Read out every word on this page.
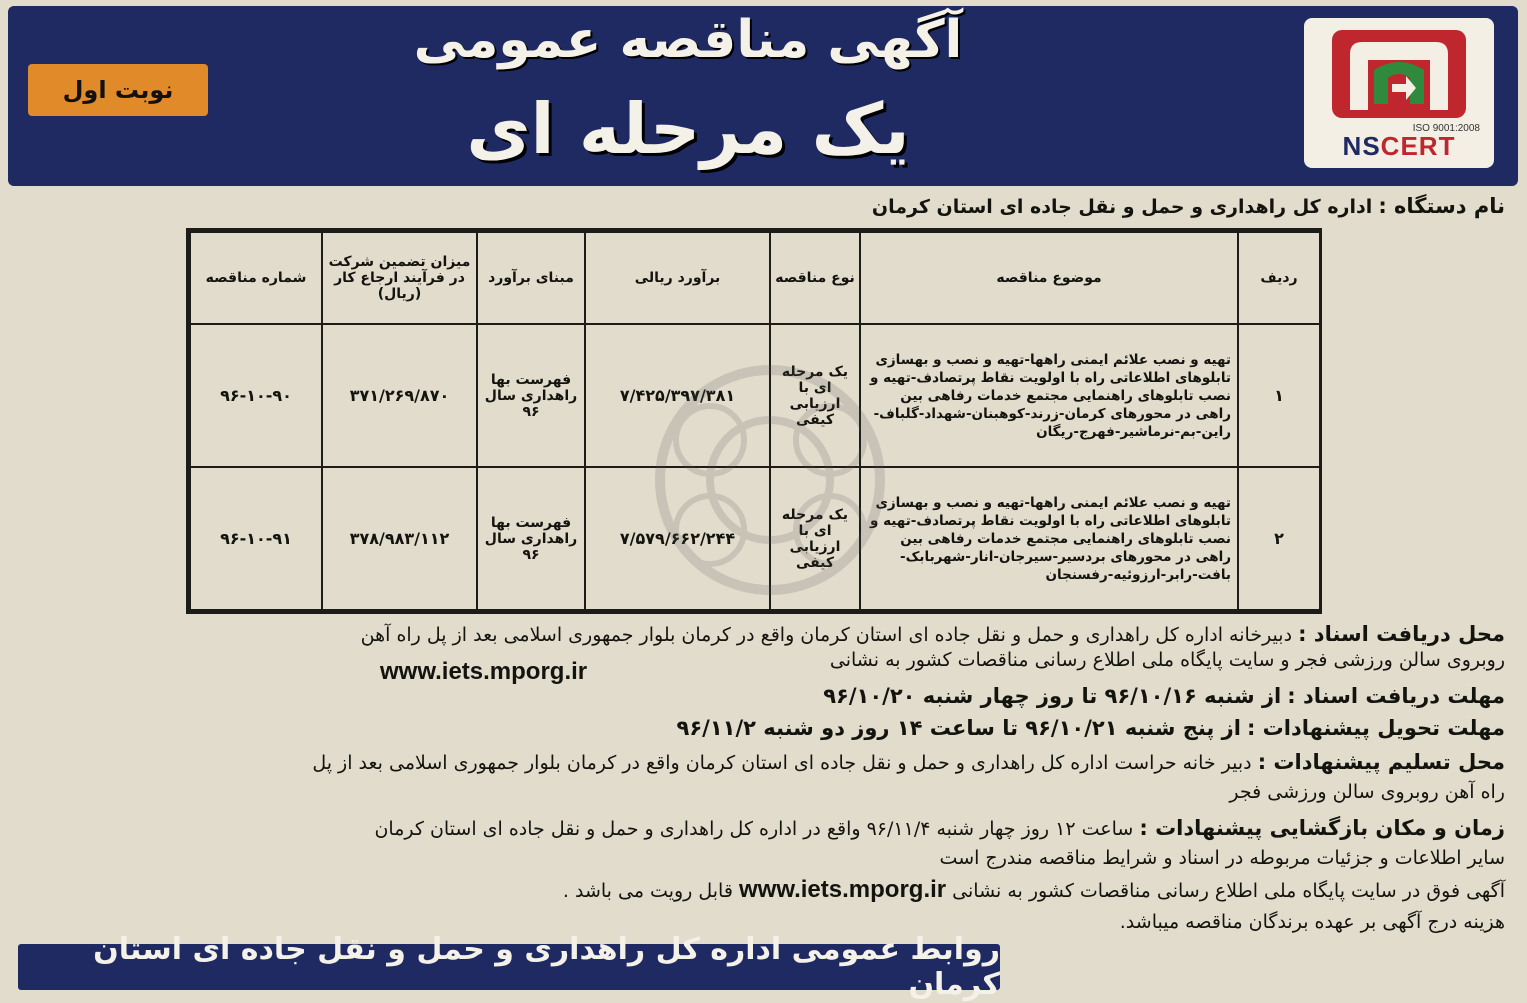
آگهی مناقصه عمومی
یک مرحله ای
نوبت اول
ISO 9001:2008
NSCERT
نام دستگاه : اداره کل راهداری و حمل و نقل جاده ای استان کرمان
ردیف	موضوع مناقصه	نوع مناقصه	برآورد ریالی	مبنای برآورد	میزان تضمین شرکت در فرآیند ارجاع کار (ریال)	شماره مناقصه
۱	تهیه و نصب علائم ایمنی راهها-تهیه و نصب و بهسازی تابلوهای اطلاعاتی راه با اولویت نقاط پرتصادف-تهیه و نصب تابلوهای راهنمایی مجتمع خدمات رفاهی بین راهی در محورهای کرمان-زرند-کوهبنان-شهداد-گلباف-راین-بم-نرماشیر-فهرج-ریگان	یک مرحله ای با ارزیابی کیفی	۷/۴۲۵/۳۹۷/۳۸۱	فهرست بها راهداری سال ۹۶	۳۷۱/۲۶۹/۸۷۰	۹۶-۱۰-۹۰
۲	تهیه و نصب علائم ایمنی راهها-تهیه و نصب و بهسازی تابلوهای اطلاعاتی راه با اولویت نقاط پرتصادف-تهیه و نصب تابلوهای راهنمایی مجتمع خدمات رفاهی بین راهی در محورهای بردسیر-سیرجان-انار-شهربابک-بافت-رابر-ارزوئیه-رفسنجان	یک مرحله ای با ارزیابی کیفی	۷/۵۷۹/۶۶۲/۲۴۴	فهرست بها راهداری سال ۹۶	۳۷۸/۹۸۳/۱۱۲	۹۶-۱۰-۹۱
محل دریافت اسناد : دبیرخانه اداره کل راهداری و حمل و نقل جاده ای استان کرمان واقع در کرمان بلوار جمهوری اسلامی بعد از پل راه آهن
روبروی سالن ورزشی فجر و سایت پایگاه ملی اطلاع رسانی مناقصات کشور به نشانی
www.iets.mporg.ir
مهلت دریافت اسناد : از شنبه ۹۶/۱۰/۱۶ تا روز چهار شنبه ۹۶/۱۰/۲۰
مهلت تحویل پیشنهادات : از پنج شنبه ۹۶/۱۰/۲۱ تا ساعت ۱۴ روز دو شنبه ۹۶/۱۱/۲
محل تسلیم پیشنهادات : دبیر خانه حراست اداره کل راهداری و حمل و نقل جاده ای استان کرمان واقع در کرمان بلوار جمهوری اسلامی بعد از پل
راه آهن روبروی سالن ورزشی فجر
زمان و مکان بازگشایی پیشنهادات : ساعت ۱۲ روز چهار شنبه ۹۶/۱۱/۴ واقع در اداره کل راهداری و حمل و نقل جاده ای استان کرمان
سایر اطلاعات و جزئیات مربوطه در اسناد و شرایط مناقصه مندرج است
آگهی فوق در سایت پایگاه ملی اطلاع رسانی مناقصات کشور به نشانی www.iets.mporg.ir قابل رویت می باشد .
هزینه درج آگهی بر عهده برندگان مناقصه میباشد.
روابط عمومی اداره کل راهداری و حمل و نقل جاده ای استان کرمان
